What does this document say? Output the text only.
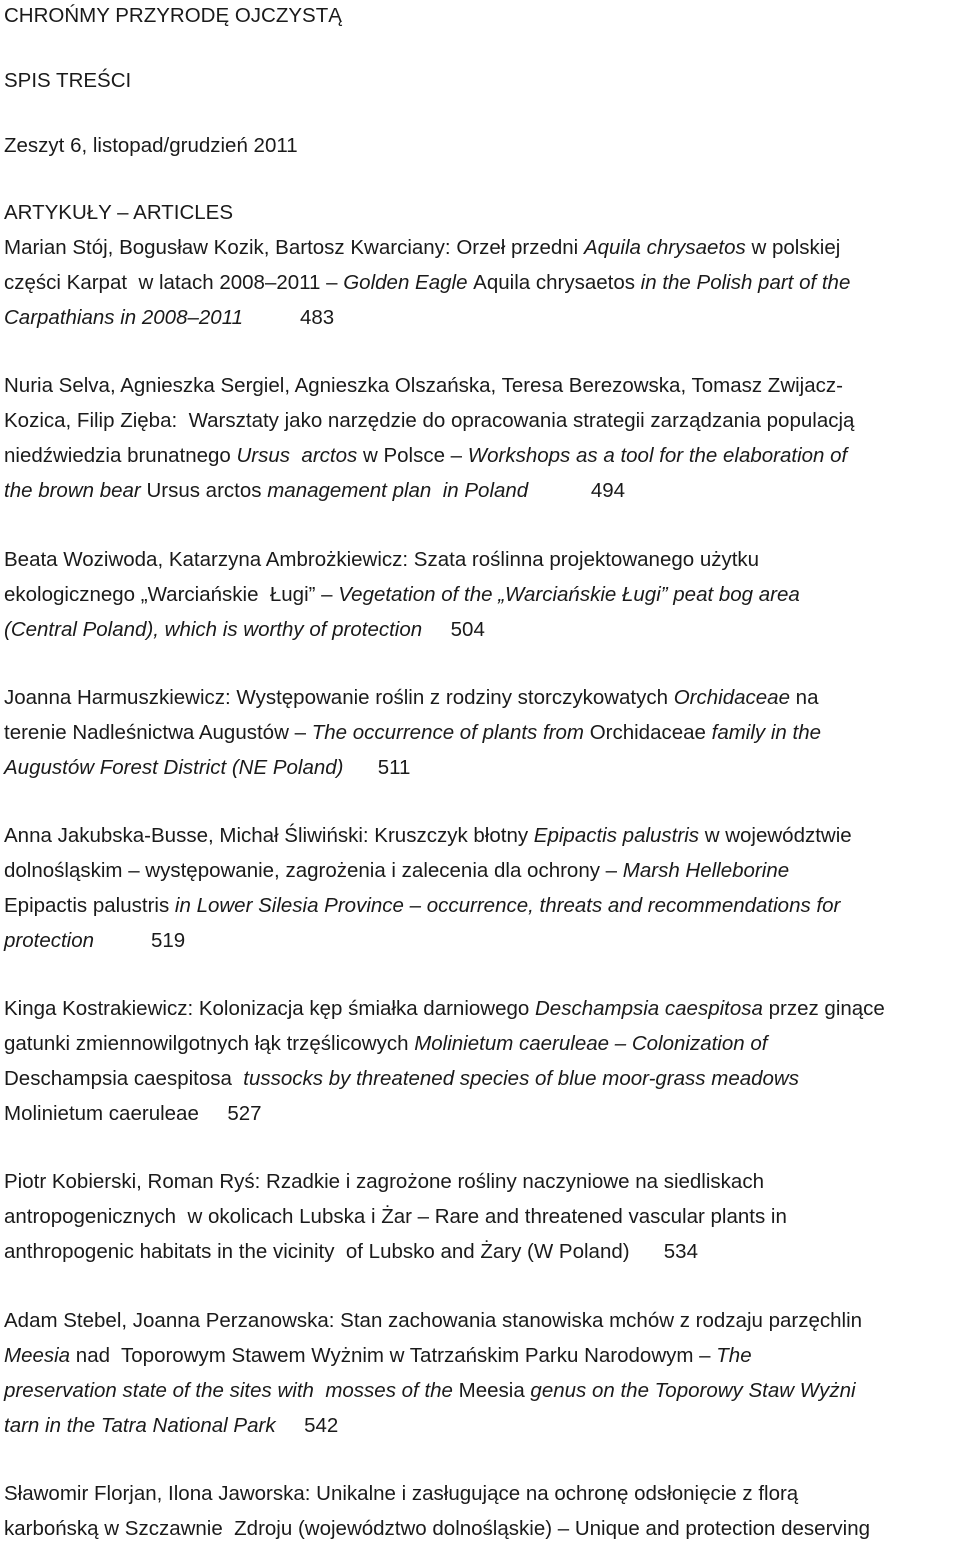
CHROŃMY PRZYRODĘ OJCZYSTĄ
SPIS TREŚCI
Zeszyt 6, listopad/grudzień 2011
ARTYKUŁY – ARTICLES
Marian Stój, Bogusław Kozik, Bartosz Kwarciany: Orzeł przedni Aquila chrysaetos w polskiej
części Karpat  w latach 2008–2011 – Golden Eagle Aquila chrysaetos in the Polish part of the
Carpathians in 2008–2011          483
Nuria Selva, Agnieszka Sergiel, Agnieszka Olszańska, Teresa Berezowska, Tomasz Zwijacz-
Kozica, Filip Zięba:  Warsztaty jako narzędzie do opracowania strategii zarządzania populacją
niedźwiedzia brunatnego Ursus  arctos w Polsce – Workshops as a tool for the elaboration of
the brown bear Ursus arctos management plan  in Poland           494
Beata Woziwoda, Katarzyna Ambrożkiewicz: Szata roślinna projektowanego użytku
ekologicznego „Warciańskie  Ługi” – Vegetation of the „Warciańskie Ługi” peat bog area
(Central Poland), which is worthy of protection     504
Joanna Harmuszkiewicz: Występowanie roślin z rodziny storczykowatych Orchidaceae na
terenie Nadleśnictwa Augustów – The occurrence of plants from Orchidaceae family in the
Augustów Forest District (NE Poland)      511
Anna Jakubska-Busse, Michał Śliwiński: Kruszczyk błotny Epipactis palustris w województwie
dolnośląskim – występowanie, zagrożenia i zalecenia dla ochrony – Marsh Helleborine
Epipactis palustris in Lower Silesia Province – occurrence, threats and recommendations for
protection          519
Kinga Kostrakiewicz: Kolonizacja kęp śmiałka darniowego Deschampsia caespitosa przez ginące
gatunki zmiennowilgotnych łąk trzęślicowych Molinietum caeruleae – Colonization of
Deschampsia caespitosa  tussocks by threatened species of blue moor-grass meadows
Molinietum caeruleae     527
Piotr Kobierski, Roman Ryś: Rzadkie i zagrożone rośliny naczyniowe na siedliskach
antropogenicznych  w okolicach Lubska i Żar – Rare and threatened vascular plants in
anthropogenic habitats in the vicinity  of Lubsko and Żary (W Poland)      534
Adam Stebel, Joanna Perzanowska: Stan zachowania stanowiska mchów z rodzaju parzęchlin
Meesia nad  Toporowym Stawem Wyżnim w Tatrzańskim Parku Narodowym – The
preservation state of the sites with  mosses of the Meesia genus on the Toporowy Staw Wyżni
tarn in the Tatra National Park     542
Sławomir Florjan, Ilona Jaworska: Unikalne i zasługujące na ochronę odsłonięcie z florą
karbońską w Szczawnie  Zdroju (województwo dolnośląskie) – Unique and protection deserving
